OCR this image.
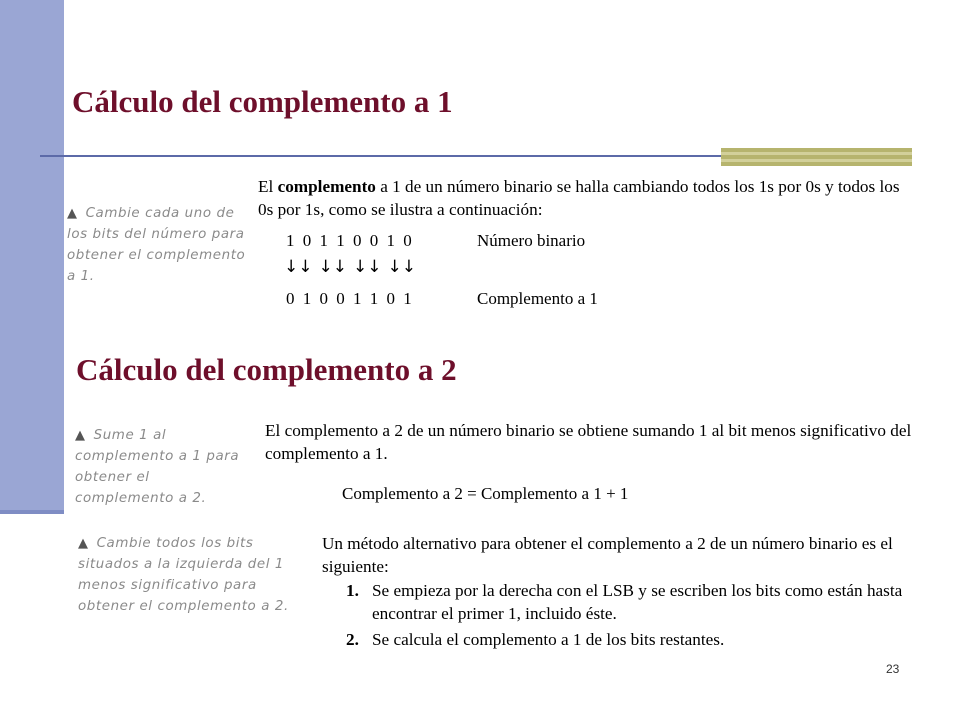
Cálculo del complemento a 1
▲ Cambie cada uno de los bits del número para obtener el complemento a 1.

El complemento a 1 de un número binario se halla cambiando todos los 1s por 0s y todos los 0s por 1s, como se ilustra a continuación:

1 0 1 1 0 0 1 0	Número binario
↓↓ ↓↓ ↓↓ ↓↓
0 1 0 0 1 1 0 1	Complemento a 1
Cálculo del complemento a 2
▲ Sume 1 al complemento a 1 para obtener el complemento a 2.

El complemento a 2 de un número binario se obtiene sumando 1 al bit menos significativo del complemento a 1.

Complemento a 2 = Complemento a 1 + 1
▲ Cambie todos los bits situados a la izquierda del 1 menos significativo para obtener el complemento a 2.

Un método alternativo para obtener el complemento a 2 de un número binario es el siguiente:

1. Se empieza por la derecha con el LSB y se escriben los bits como están hasta encontrar el primer 1, incluido éste.
2. Se calcula el complemento a 1 de los bits restantes.
23
